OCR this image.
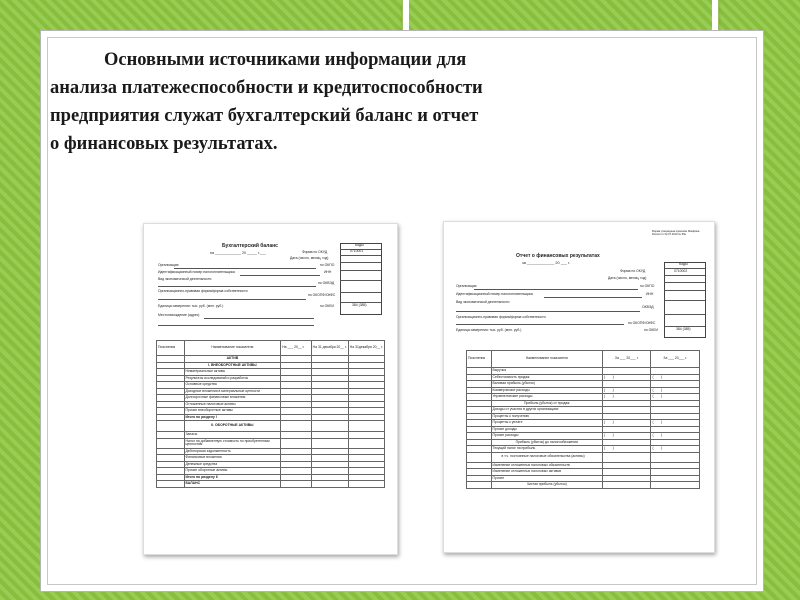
Основными источниками информации для
анализа платежеспособности и кредитоспособности
предприятия служат бухгалтерский баланс и отчет
о финансовых результатах.
Бухгалтерский баланс
на _____________ 20 _____ г.___
Коды
0710001
384 (385)
Форма по ОКУД
Дата (число, месяц, год)
Организация	по ОКПО
Идентификационный номер налогоплательщика	ИНН
Вид экономической деятельности
по ОКВЭД
Организационно-правовая форма/форма собственности
по ОКОПФ/ОКФС
Единица измерения: тыс. руб. (млн. руб.)	по ОКЕИ
Местонахождение (адрес)
Пояснения	Наименование показателя	На ___ 20__ г.	На 31 декабря 20__ г.	На 31декабря 20__ г.
	АКТИВ			
	I. ВНЕОБОРОТНЫЕ АКТИВЫ			
	Нематериальные активы			
	Результаты исследований и разработок			
	Основные средства			
	Доходные вложения в материальные ценности			
	Долгосрочные финансовые вложения			
	Отложенные налоговые активы			
	Прочие внеоборотные активы			
	Итого по разделу I			
	II. ОБОРОТНЫЕ АКТИВЫ			
	Запасы			
	Налог на добавленную стоимость по приобретенным ценностям			
	Дебиторская задолженность			
	Финансовые вложения			
	Денежные средства			
	Прочие оборотные активы			
	Итого по разделу II			
	БАЛАНС			
Форма утверждена приказом Минфина России от 02.07.2010 № 66н
Отчет о финансовых результатах
за _____________ 20 ___ г.	Коды
0710002
384 (385)
Форма по ОКУД
Дата (число, месяц, год)
Организация	по ОКПО
Идентификационный номер налогоплательщика	ИНН
Вид экономической деятельности
ОКВЭД
Организационно-правовая форма/форма собственности
по ОКОПФ/ОКФС
Единица измерения: тыс. руб. (млн. руб.)	по ОКЕИ
Пояснения	Наименование показателя	За ___ 20___ г.	За ___ 20___ г.
	Выручка		
	Себестоимость продаж	(        )	(        )
	Валовая прибыль (убыток)		
	Коммерческие расходы	(        )	(        )
	Управленческие расходы	(        )	(        )
	Прибыль (убыток) от продаж		
	Доходы от участия в других организациях		
	Проценты к получению		
	Проценты к уплате	(        )	(        )
	Прочие доходы		
	Прочие расходы	(        )	(        )
	Прибыль (убыток) до налогообложения		
	Текущий налог на прибыль	(        )	(        )
	в т.ч. постоянные налоговые обязательства (активы)		
	Изменение отложенных налоговых обязательств		
	Изменение отложенных налоговых активов		
	Прочее		
	Чистая прибыль (убыток)		
